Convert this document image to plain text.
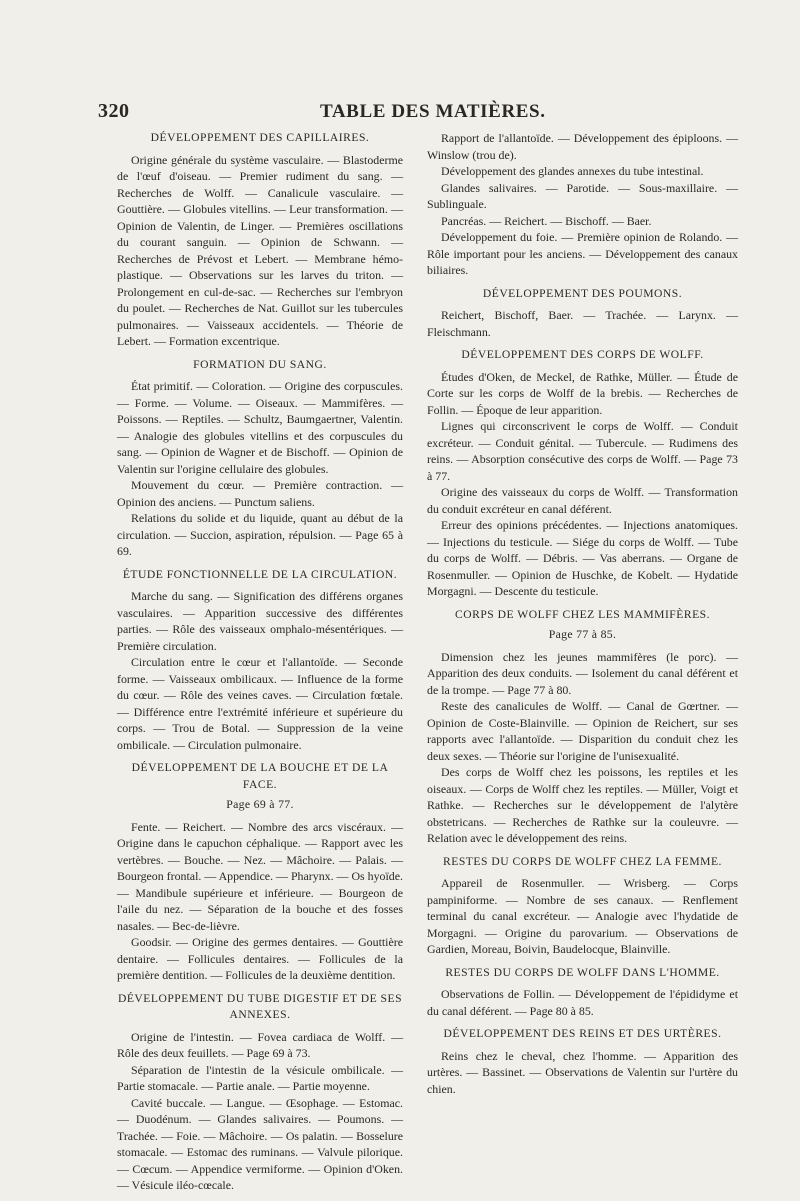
320	TABLE DES MATIÈRES.
DÉVELOPPEMENT DES CAPILLAIRES.

Origine générale du système vasculaire. — Blastoderme de l'œuf d'oiseau. — Premier rudiment du sang. — Recherches de Wolff. — Canalicule vasculaire. — Gouttière. — Globules vitellins. — Leur transformation. — Opinion de Valentin, de Linger. — Premières oscillations du courant sanguin. — Opinion de Schwann. — Recherches de Prévost et Lebert. — Membrane hémo-plastique. — Observations sur les larves du triton. — Prolongement en cul-de-sac. — Recherches sur l'embryon du poulet. — Recherches de Nat. Guillot sur les tubercules pulmonaires. — Vaisseaux accidentels. — Théorie de Lebert. — Formation excentrique.

FORMATION DU SANG.

État primitif. — Coloration. — Origine des corpuscules. — Forme. — Volume. — Oiseaux. — Mammifères. — Poissons. — Reptiles. — Schultz, Baumgaertner, Valentin. — Analogie des globules vitellins et des corpuscules du sang. — Opinion de Wagner et de Bischoff. — Opinion de Valentin sur l'origine cellulaire des globules.

Mouvement du cœur. — Première contraction. — Opinion des anciens. — Punctum saliens.

Relations du solide et du liquide, quant au début de la circulation. — Succion, aspiration, répulsion. — Page 65 à 69.

ÉTUDE FONCTIONNELLE DE LA CIRCULATION.

Marche du sang. — Signification des différens organes vasculaires. — Apparition successive des différentes parties. — Rôle des vaisseaux omphalo-mésentériques. — Première circulation.

Circulation entre le cœur et l'allantoïde. — Seconde forme. — Vaisseaux ombilicaux. — Influence de la forme du cœur. — Rôle des veines caves. — Circulation fœtale. — Différence entre l'extrémité inférieure et supérieure du corps. — Trou de Botal. — Suppression de la veine ombilicale. — Circulation pulmonaire.

DÉVELOPPEMENT DE LA BOUCHE ET DE LA FACE.
Page 69 à 77.

Fente. — Reichert. — Nombre des arcs viscéraux. — Origine dans le capuchon céphalique. — Rapport avec les vertèbres. — Bouche. — Nez. — Mâchoire. — Palais. — Bourgeon frontal. — Appendice. — Pharynx. — Os hyoïde. — Mandibule supérieure et inférieure. — Bourgeon de l'aile du nez. — Séparation de la bouche et des fosses nasales. — Bec-de-lièvre.

Goodsir. — Origine des germes dentaires. — Gouttière dentaire. — Follicules dentaires. — Follicules de la première dentition. — Follicules de la deuxième dentition.

DÉVELOPPEMENT DU TUBE DIGESTIF ET DE SES ANNEXES.

Origine de l'intestin. — Fovea cardiaca de Wolff. — Rôle des deux feuillets. — Page 69 à 73.

Séparation de l'intestin de la vésicule ombilicale. — Partie stomacale. — Partie anale. — Partie moyenne.

Cavité buccale. — Langue. — Œsophage. — Estomac. — Duodénum. — Glandes salivaires. — Poumons. — Trachée. — Foie. — Mâchoire. — Os palatin. — Bosselure stomacale. — Estomac des ruminans. — Valvule pilorique. — Cœcum. — Appendice vermiforme. — Opinion d'Oken. — Vésicule iléo-cœcale.

Rapport de l'allantoïde. — Développement des épiploons. — Winslow (trou de).

Développement des glandes annexes du tube intestinal.

Glandes salivaires. — Parotide. — Sous-maxillaire. — Sublinguale.

Pancréas. — Reichert. — Bischoff. — Baer.

Développement du foie. — Première opinion de Rolando. — Rôle important pour les anciens. — Développement des canaux biliaires.

DÉVELOPPEMENT DES POUMONS.

Reichert, Bischoff, Baer. — Trachée. — Larynx. — Fleischmann.

DÉVELOPPEMENT DES CORPS DE WOLFF.

Études d'Oken, de Meckel, de Rathke, Müller. — Étude de Corte sur les corps de Wolff de la brebis. — Recherches de Follin. — Époque de leur apparition.

Lignes qui circonscrivent le corps de Wolff. — Conduit excréteur. — Conduit génital. — Tubercule. — Rudimens des reins. — Absorption consécutive des corps de Wolff. — Page 73 à 77.

Origine des vaisseaux du corps de Wolff. — Transformation du conduit excréteur en canal déférent.

Erreur des opinions précédentes. — Injections anatomiques. — Injections du testicule. — Siége du corps de Wolff. — Tube du corps de Wolff. — Débris. — Vas aberrans. — Organe de Rosenmuller. — Opinion de Huschke, de Kobelt. — Hydatide Morgagni. — Descente du testicule.

CORPS DE WOLFF CHEZ LES MAMMIFÈRES.
Page 77 à 85.

Dimension chez les jeunes mammifères (le porc). — Apparition des deux conduits. — Isolement du canal déférent et de la trompe. — Page 77 à 80.

Reste des canalicules de Wolff. — Canal de Gœrtner. — Opinion de Coste-Blainville. — Opinion de Reichert, sur ses rapports avec l'allantoïde. — Disparition du conduit chez les deux sexes. — Théorie sur l'origine de l'unisexualité.

Des corps de Wolff chez les poissons, les reptiles et les oiseaux. — Corps de Wolff chez les reptiles. — Müller, Voigt et Rathke. — Recherches sur le développement de l'alytère obstetricans. — Recherches de Rathke sur la couleuvre. — Relation avec le développement des reins.

RESTES DU CORPS DE WOLFF CHEZ LA FEMME.

Appareil de Rosenmuller. — Wrisberg. — Corps pampiniforme. — Nombre de ses canaux. — Renflement terminal du canal excréteur. — Analogie avec l'hydatide de Morgagni. — Origine du parovarium. — Observations de Gardien, Moreau, Boivin, Baudelocque, Blainville.

RESTES DU CORPS DE WOLFF DANS L'HOMME.

Observations de Follin. — Développement de l'épididyme et du canal déférent. — Page 80 à 85.

DÉVELOPPEMENT DES REINS ET DES URTÈRES.

Reins chez le cheval, chez l'homme. — Apparition des urtères. — Bassinet. — Observations de Valentin sur l'urtère du chien.
